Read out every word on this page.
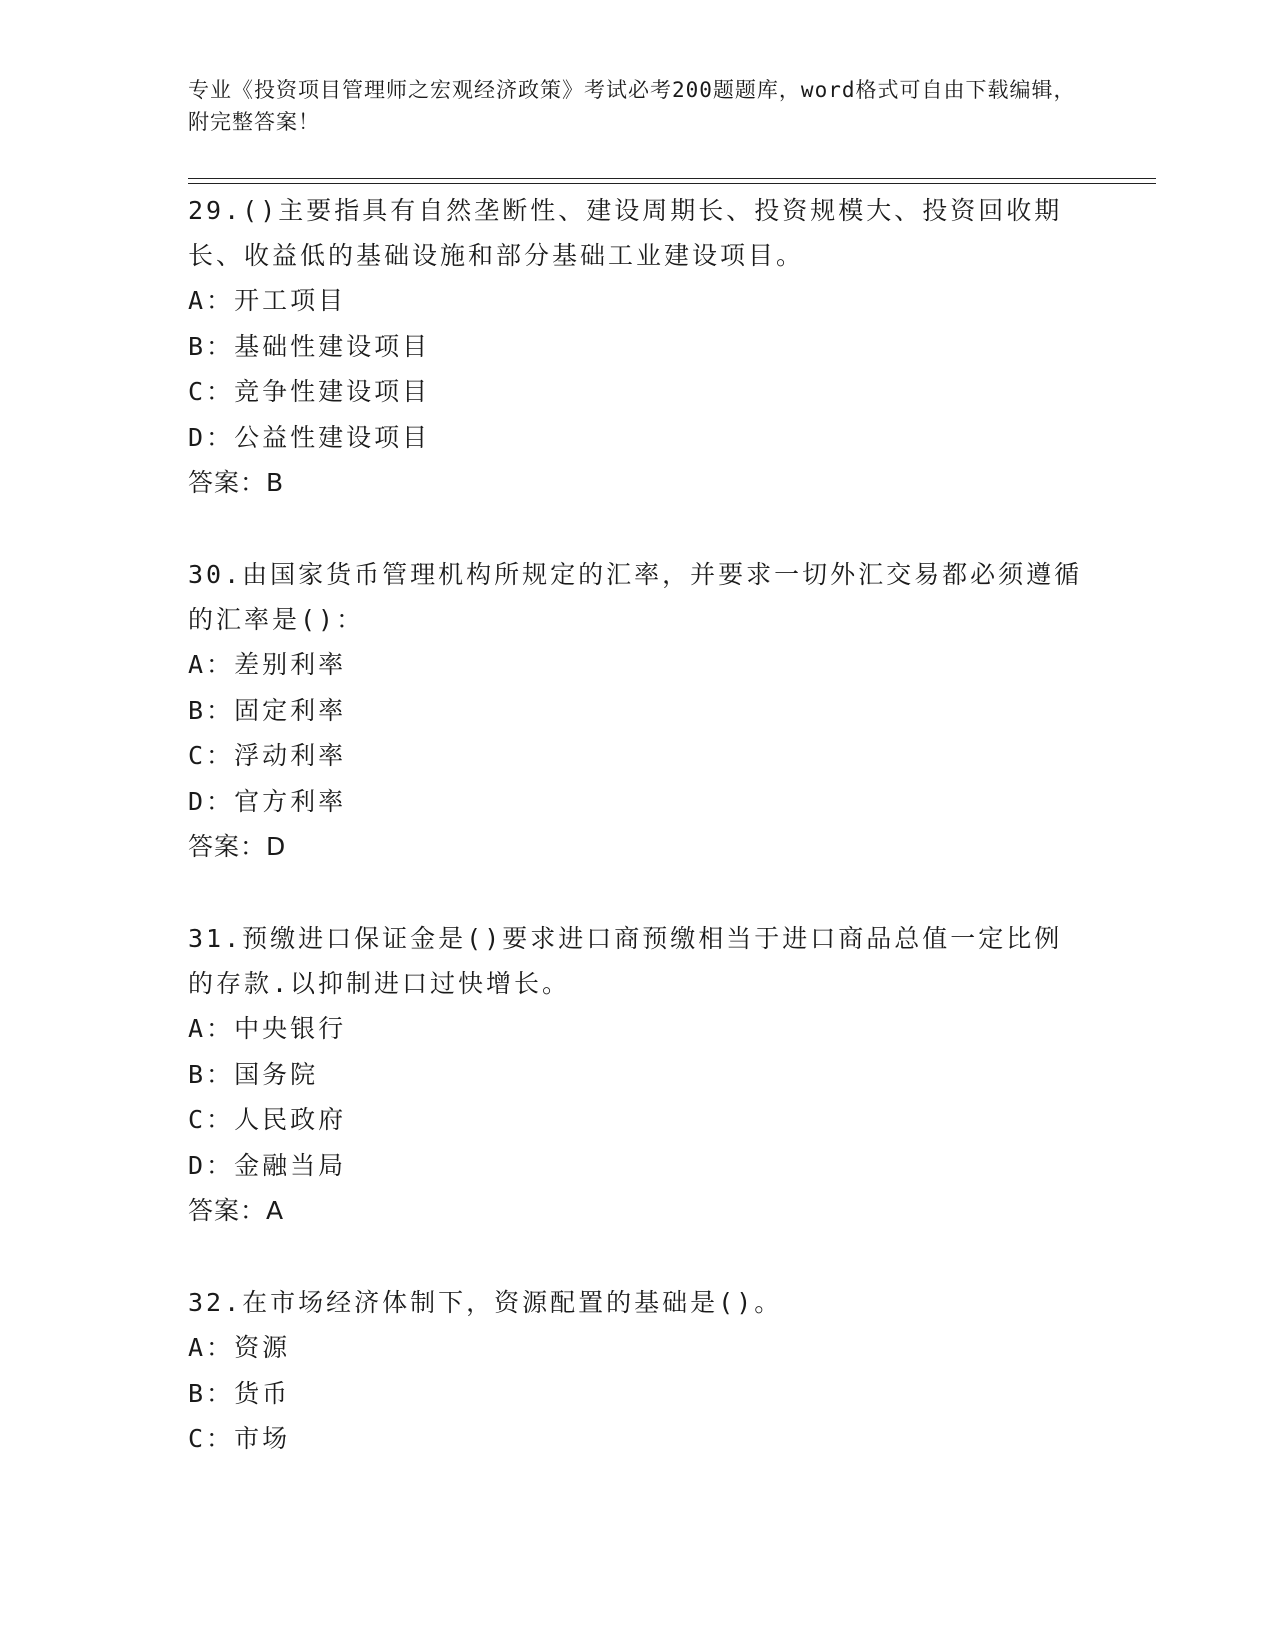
专业《投资项目管理师之宏观经济政策》考试必考200题题库，word格式可自由下载编辑，附完整答案！
29.()主要指具有自然垄断性、建设周期长、投资规模大、投资回收期长、收益低的基础设施和部分基础工业建设项目。
A：开工项目
B：基础性建设项目
C：竞争性建设项目
D：公益性建设项目
答案：B
30.由国家货币管理机构所规定的汇率，并要求一切外汇交易都必须遵循的汇率是()：
A：差别利率
B：固定利率
C：浮动利率
D：官方利率
答案：D
31.预缴进口保证金是()要求进口商预缴相当于进口商品总值一定比例的存款.以抑制进口过快增长。
A：中央银行
B：国务院
C：人民政府
D：金融当局
答案：A
32.在市场经济体制下，资源配置的基础是()。
A：资源
B：货币
C：市场
